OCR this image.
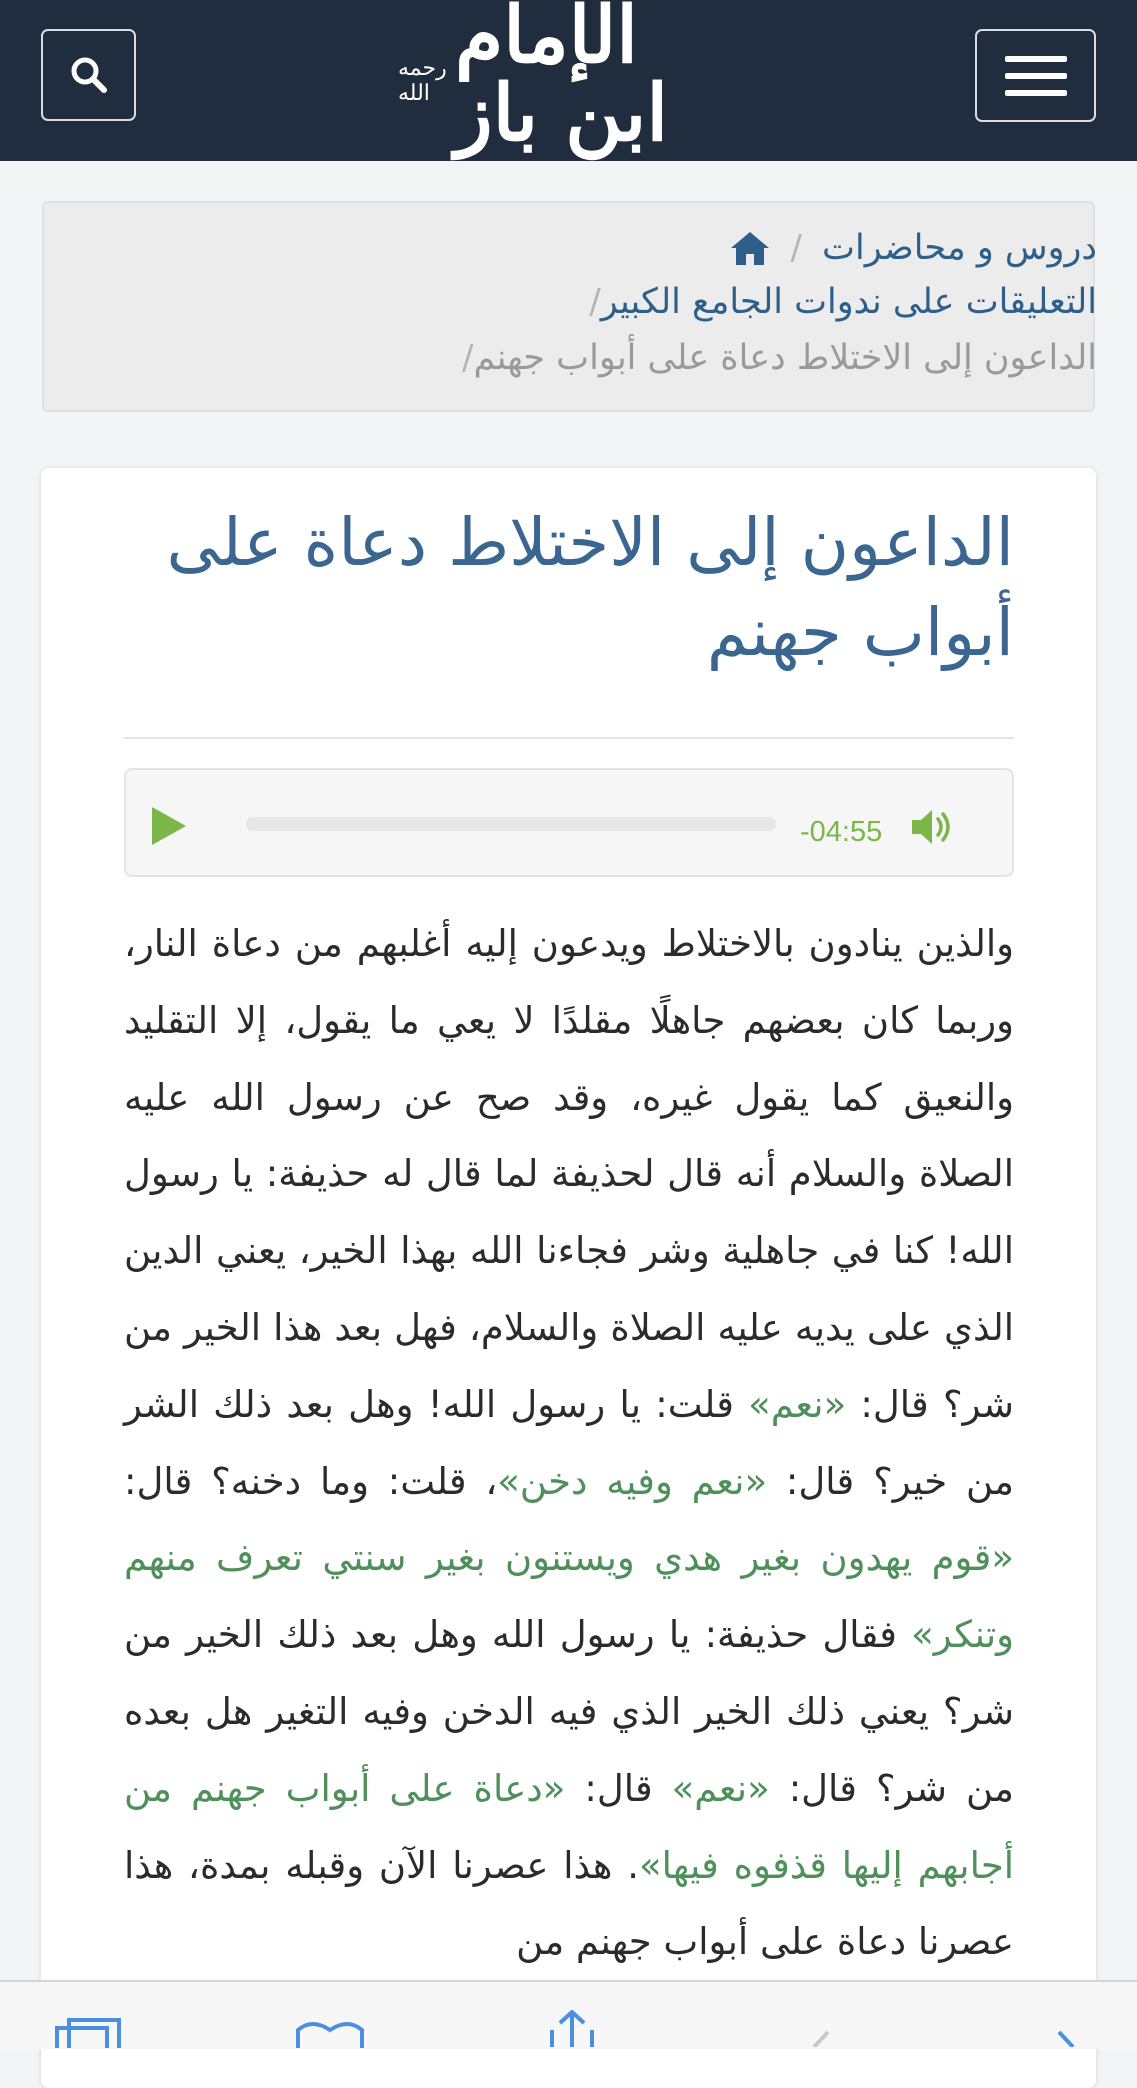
رحمه الله
الإمام ابن باز
/ دروس و محاضرات
/ التعليقات على ندوات الجامع الكبير
/ الداعون إلى الاختلاط دعاة على أبواب جهنم
الداعون إلى الاختلاط دعاة على أبواب جهنم
-04:55

والذين ينادون بالاختلاط ويدعون إليه أغلبهم من دعاة النار، وربما كان بعضهم جاهلًا مقلدًا لا يعي ما يقول، إلا التقليد والنعيق كما يقول غيره، وقد صح عن رسول الله عليه الصلاة والسلام أنه قال لحذيفة لما قال له حذيفة: يا رسول الله! كنا في جاهلية وشر فجاءنا الله بهذا الخير، يعني الدين الذي على يديه عليه الصلاة والسلام، فهل بعد هذا الخير من شر؟ قال: «نعم» قلت: يا رسول الله! وهل بعد ذلك الشر من خير؟ قال: «نعم وفيه دخن»، قلت: وما دخنه؟ قال: «قوم يهدون بغير هدي ويستنون بغير سنتي تعرف منهم وتنكر» فقال حذيفة: يا رسول الله وهل بعد ذلك الخير من شر؟ يعني ذلك الخير الذي فيه الدخن وفيه التغير هل بعده من شر؟ قال: «نعم» قال: «دعاة على أبواب جهنم من أجابهم إليها قذفوه فيها». هذا عصرنا الآن وقبله بمدة، هذا عصرنا دعاة على أبواب جهنم من
